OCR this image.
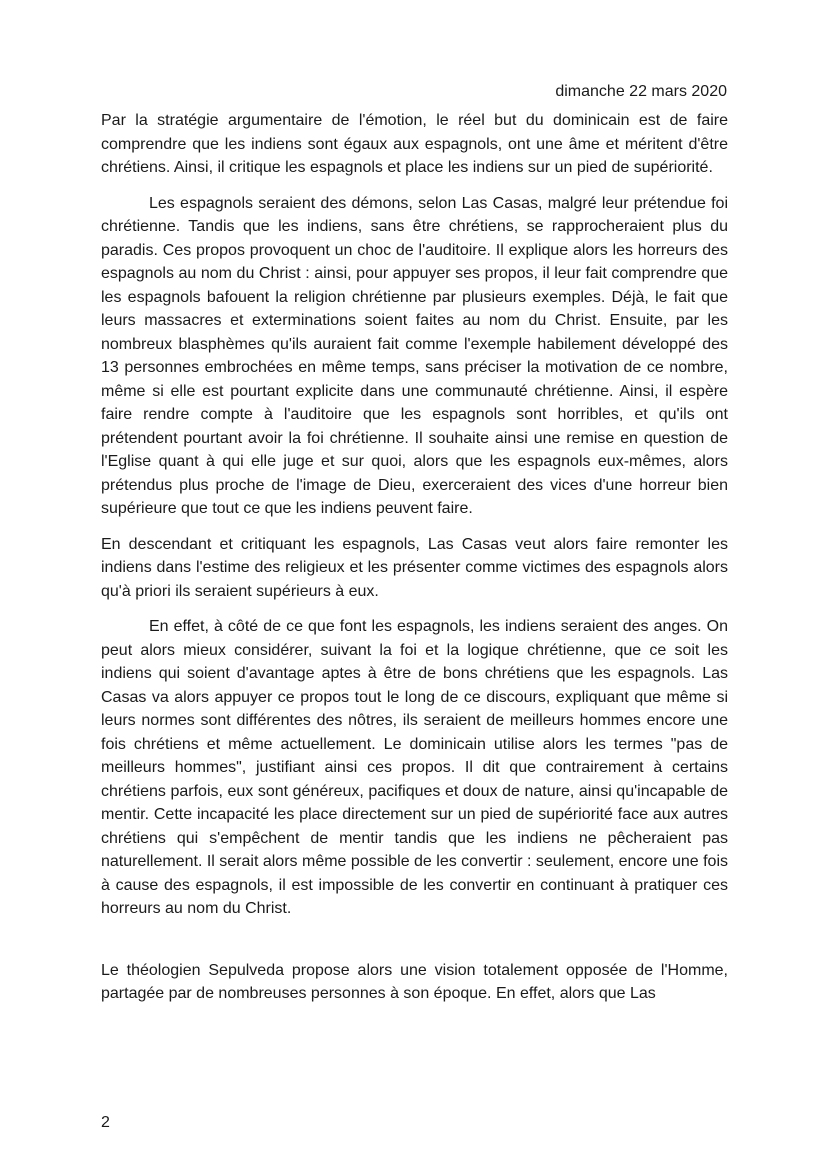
dimanche 22 mars 2020

Par la stratégie argumentaire de l'émotion, le réel but du dominicain est de faire comprendre que les indiens sont égaux aux espagnols, ont une âme et méritent d'être chrétiens. Ainsi, il critique les espagnols et place les indiens sur un pied de supériorité.

Les espagnols seraient des démons, selon Las Casas, malgré leur prétendue foi chrétienne. Tandis que les indiens, sans être chrétiens, se rapprocheraient plus du paradis. Ces propos provoquent un choc de l'auditoire. Il explique alors les horreurs des espagnols au nom du Christ : ainsi, pour appuyer ses propos, il leur fait comprendre que les espagnols bafouent la religion chrétienne par plusieurs exemples. Déjà, le fait que leurs massacres et exterminations soient faites au nom du Christ. Ensuite, par les nombreux blasphèmes qu'ils auraient fait comme l'exemple habilement développé des 13 personnes embrochées en même temps, sans préciser la motivation de ce nombre, même si elle est pourtant explicite dans une communauté chrétienne. Ainsi, il espère faire rendre compte à l'auditoire que les espagnols sont horribles, et qu'ils ont prétendent pourtant avoir la foi chrétienne. Il souhaite ainsi une remise en question de l'Eglise quant à qui elle juge et sur quoi, alors que les espagnols eux-mêmes, alors prétendus plus proche de l'image de Dieu, exerceraient des vices d'une horreur bien supérieure que tout ce que les indiens peuvent faire.

En descendant et critiquant les espagnols, Las Casas veut alors faire remonter les indiens dans l'estime des religieux et les présenter comme victimes des espagnols alors qu'à priori ils seraient supérieurs à eux.

En effet, à côté de ce que font les espagnols, les indiens seraient des anges. On peut alors mieux considérer, suivant la foi et la logique chrétienne, que ce soit les indiens qui soient d'avantage aptes à être de bons chrétiens que les espagnols. Las Casas va alors appuyer ce propos tout le long de ce discours, expliquant que même si leurs normes sont différentes des nôtres, ils seraient de meilleurs hommes encore une fois chrétiens et même actuellement. Le dominicain utilise alors les termes "pas de meilleurs hommes", justifiant ainsi ces propos. Il dit que contrairement à certains chrétiens parfois, eux sont généreux, pacifiques et doux de nature, ainsi qu'incapable de mentir. Cette incapacité les place directement sur un pied de supériorité face aux autres chrétiens qui s'empêchent de mentir tandis que les indiens ne pêcheraient pas naturellement. Il serait alors même possible de les convertir : seulement, encore une fois à cause des espagnols, il est impossible de les convertir en continuant à pratiquer ces horreurs au nom du Christ.

Le théologien Sepulveda propose alors une vision totalement opposée de l'Homme, partagée par de nombreuses personnes à son époque. En effet, alors que Las

2
